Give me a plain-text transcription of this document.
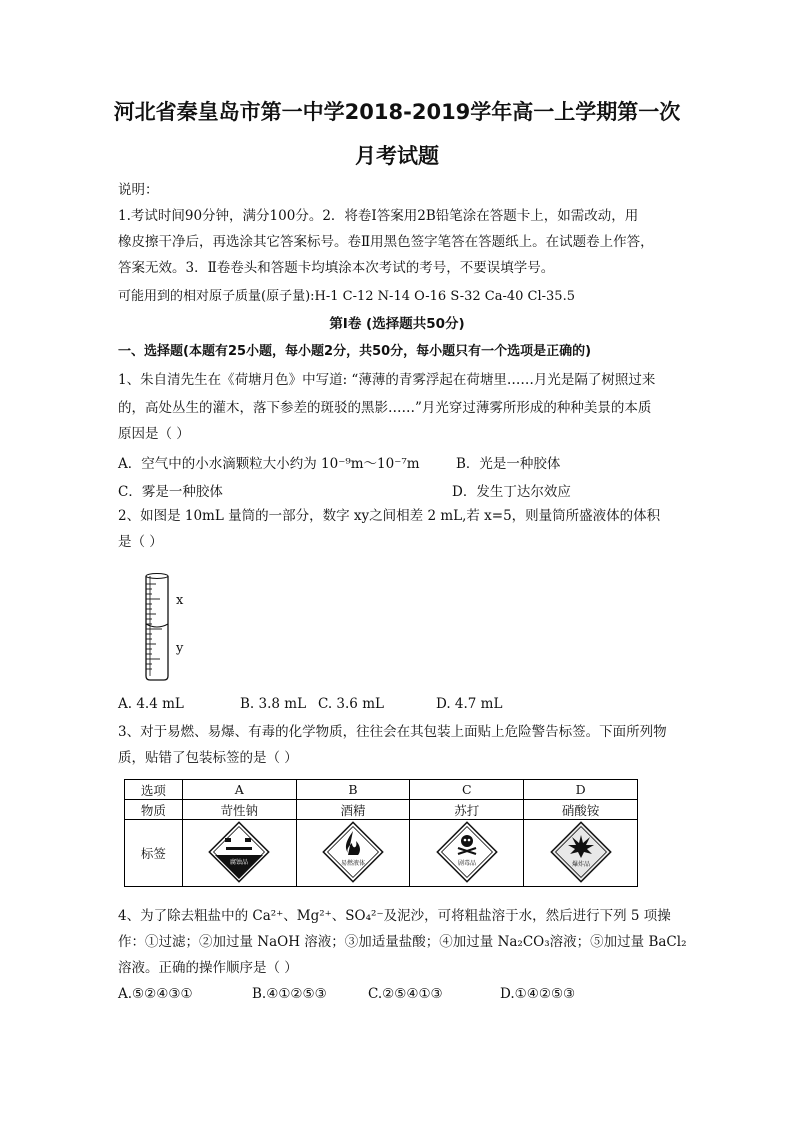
河北省秦皇岛市第一中学2018-2019学年高一上学期第一次
月考试题
说明：
1.考试时间90分钟，满分100分。2．将卷Ⅰ答案用2B铅笔涂在答题卡上，如需改动，用
橡皮擦干净后，再选涂其它答案标号。卷Ⅱ用黑色签字笔答在答题纸上。在试题卷上作答，
答案无效。3．Ⅱ卷卷头和答题卡均填涂本次考试的考号，不要误填学号。
可能用到的相对原子质量(原子量):H-1 C-12 N-14 O-16 S-32 Ca-40 Cl-35.5
第Ⅰ卷 (选择题共50分)
一、选择题(本题有25小题，每小题2分，共50分，每小题只有一个选项是正确的)
1、朱自清先生在《荷塘月色》中写道: “薄薄的青雾浮起在荷塘里……月光是隔了树照过来
的，高处丛生的灌木，落下参差的斑驳的黑影……”月光穿过薄雾所形成的种种美景的本质
原因是（ ）
A．空气中的小水滴颗粒大小约为 10⁻⁹m～10⁻⁷m	B．光是一种胶体
C．雾是一种胶体	D．发生丁达尔效应
2、如图是 10mL 量筒的一部分，数字 xy之间相差 2 mL,若 x=5，则量筒所盛液体的体积
是（ ）
x
y
A. 4.4 mL	B. 3.8 mL C. 3.6 mL	D. 4.7 mL
3、对于易燃、易爆、有毒的化学物质，往往会在其包装上面贴上危险警告标签。下面所列物
质，贴错了包装标签的是（ ）
选项	A	B	C	D
物质	苛性钠	酒精	苏打	硝酸铵
标签	腐蚀品	易燃液体	剧毒品	爆炸品
4、为了除去粗盐中的 Ca²⁺、Mg²⁺、SO₄²⁻及泥沙，可将粗盐溶于水，然后进行下列 5 项操
作：①过滤；②加过量 NaOH 溶液；③加适量盐酸；④加过量 Na₂CO₃溶液；⑤加过量 BaCl₂
溶液。正确的操作顺序是（ ）
A.⑤②④③①	B.④①②⑤③	C.②⑤④①③	D.①④②⑤③
